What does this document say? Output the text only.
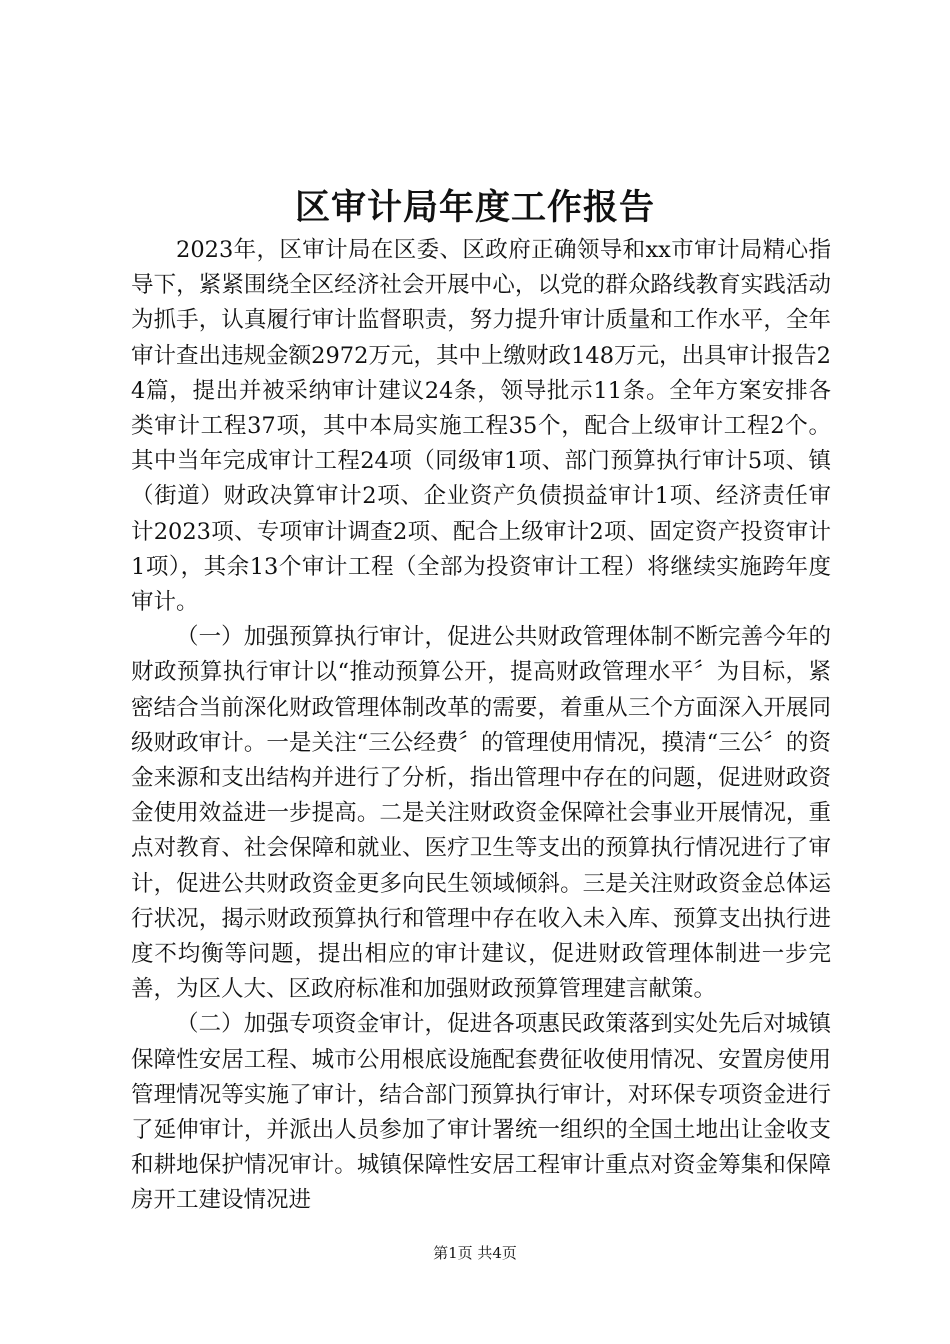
区审计局年度工作报告

2023年，区审计局在区委、区政府正确领导和xx市审计局精心指导下，紧紧围绕全区经济社会开展中心，以党的群众路线教育实践活动为抓手，认真履行审计监督职责，努力提升审计质量和工作水平，全年审计查出违规金额2972万元，其中上缴财政148万元，出具审计报告24篇，提出并被采纳审计建议24条，领导批示11条。全年方案安排各类审计工程37项，其中本局实施工程35个，配合上级审计工程2个。其中当年完成审计工程24项（同级审1项、部门预算执行审计5项、镇（街道）财政决算审计2项、企业资产负债损益审计1项、经济责任审计2023项、专项审计调查2项、配合上级审计2项、固定资产投资审计1项），其余13个审计工程（全部为投资审计工程）将继续实施跨年度审计。

（一）加强预算执行审计，促进公共财政管理体制不断完善今年的财政预算执行审计以“推动预算公开，提高财政管理水平〞为目标，紧密结合当前深化财政管理体制改革的需要，着重从三个方面深入开展同级财政审计。一是关注“三公经费〞的管理使用情况，摸清“三公〞的资金来源和支出结构并进行了分析，指出管理中存在的问题，促进财政资金使用效益进一步提高。二是关注财政资金保障社会事业开展情况，重点对教育、社会保障和就业、医疗卫生等支出的预算执行情况进行了审计，促进公共财政资金更多向民生领域倾斜。三是关注财政资金总体运行状况，揭示财政预算执行和管理中存在收入未入库、预算支出执行进度不均衡等问题，提出相应的审计建议，促进财政管理体制进一步完善，为区人大、区政府标准和加强财政预算管理建言献策。

（二）加强专项资金审计，促进各项惠民政策落到实处先后对城镇保障性安居工程、城市公用根底设施配套费征收使用情况、安置房使用管理情况等实施了审计，结合部门预算执行审计，对环保专项资金进行了延伸审计，并派出人员参加了审计署统一组织的全国土地出让金收支和耕地保护情况审计。城镇保障性安居工程审计重点对资金筹集和保障房开工建设情况进

第1页 共4页
